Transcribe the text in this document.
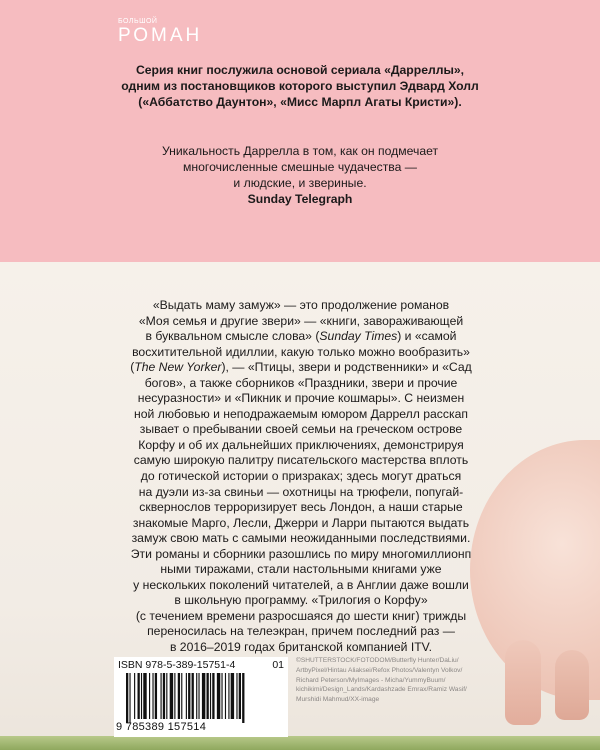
БОЛЬШОЙ
РОМАН
Серия книг послужила основой сериала «Дарреллы»,
одним из постановщиков которого выступил Эдвард Холл
(«Аббатство Даунтон», «Мисс Марпл Агаты Кристи»).
Уникальность Даррелла в том, как он подмечает
многочисленные смешные чудачества —
и людские, и звериные.
Sunday Telegraph
«Выдать маму замуж» — это продолжение романов
«Моя семья и другие звери» — «книги, завораживающей
в буквальном смысле слова» (Sunday Times) и «самой
восхитительной идиллии, какую только можно вообразить»
(The New Yorker), — «Птицы, звери и родственники» и «Сад
богов», а также сборников «Праздники, звери и прочие
несуразности» и «Пикник и прочие кошмары». С неизмен
ной любовью и неподражаемым юмором Даррелл расскап
зывает о пребывании своей семьи на греческом острове
Корфу и об их дальнейших приключениях, демонстрируя
самую широкую палитру писательского мастерства вплоть
до готической истории о призраках; здесь могут драться
на дуэли из-за свиньи — охотницы на трюфели, попугай-
сквернослов терроризирует весь Лондон, а наши старые
знакомые Марго, Лесли, Джерри и Ларри пытаются выдать
замуж свою мать с самыми неожиданными последствиями.
Эти романы и сборники разошлись по миру многомиллионп
ными тиражами, стали настольными книгами уже
у нескольких поколений читателей, а в Англии даже вошли
в школьную программу. «Трилогия о Корфу»
(с течением времени разросшаяся до шести книг) трижды
переносилась на телеэкран, причем последний раз —
в 2016–2019 годах британской компанией ITV.
ISBN 978-5-389-15751-4	01
9 785389 157514
©SHUTTERSTOCK/FOTODOM/Butterfly Hunter/DaLiu/
ArtbyPixel/Hintau Aliaksei/Refox Photos/Valentyn Volkov/
Richard Peterson/MyImages - Micha/YummyBuum/
kichikimi/Design_Lands/Kardashzade Emrax/Ramiz Wasif/
Murshidi Mahmud/XX-image
